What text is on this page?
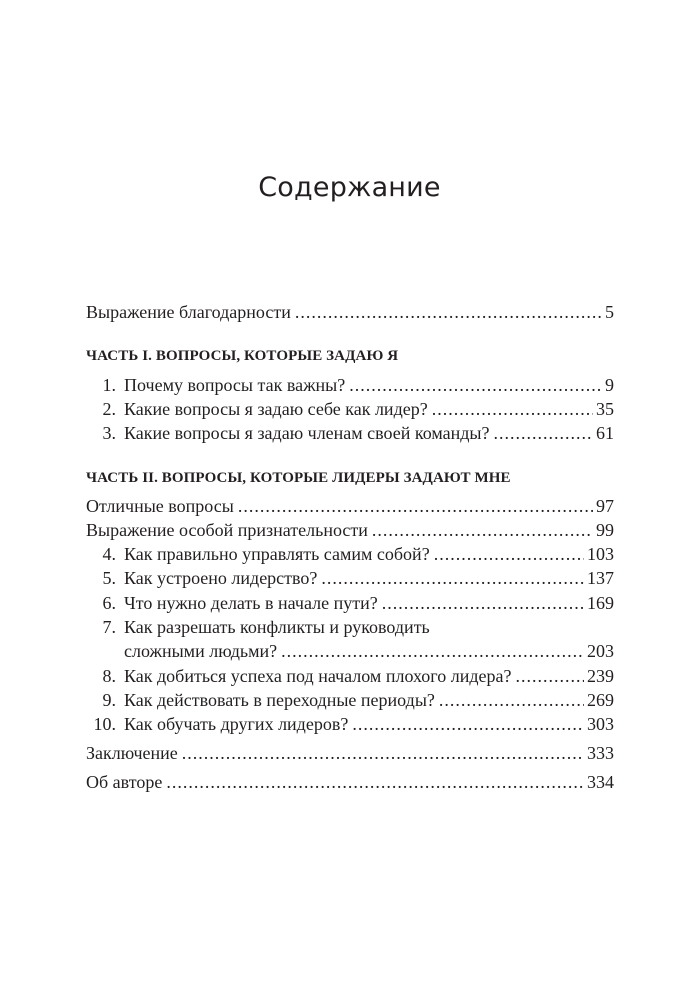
Содержание
Выражение благодарности .....	5
ЧАСТЬ I. ВОПРОСЫ, КОТОРЫЕ ЗАДАЮ Я
1. Почему вопросы так важны? .....	9
2. Какие вопросы я задаю себе как лидер? .....	35
3. Какие вопросы я задаю членам своей команды? .....	61
ЧАСТЬ II. ВОПРОСЫ, КОТОРЫЕ ЛИДЕРЫ ЗАДАЮТ МНЕ
Отличные вопросы .....	97
Выражение особой признательности .....	99
4. Как правильно управлять самим собой? .....	103
5. Как устроено лидерство? .....	137
6. Что нужно делать в начале пути? .....	169
7. Как разрешать конфликты и руководить
сложными людьми? .....	203
8. Как добиться успеха под началом плохого лидера? .....	239
9. Как действовать в переходные периоды? .....	269
10. Как обучать других лидеров? .....	303
Заключение .....	333
Об авторе .....	334
